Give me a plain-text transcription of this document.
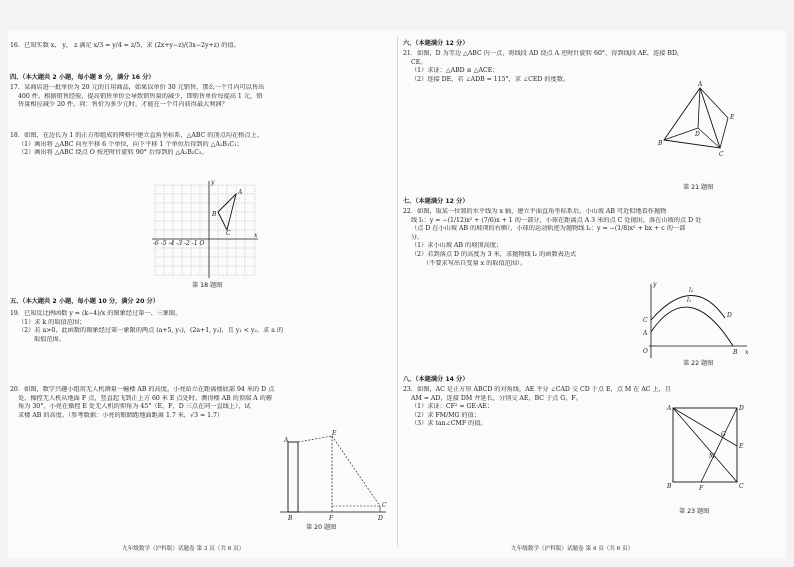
16．已知实数 x， y， z 满足 x/3 = y/4 = z/5，求 (2x+y−z)/(3x−2y+z) 的值。
四、（本大题共 2 小题，每小题 8 分，满分 16 分）
17．某商店进一批单价为 20 元的日用商品，如果以单价 30 元销售，那么一个月内可以售出
400 件。根据销售经验，提高销售单价会导致销售量的减少，即销售单价每提高 1 元，销
售量相应减少 20 件。问：售价为多少元时，才能在一个月内获得最大利润？
18．如图，在边长为 1 的正方形组成的网格中建立直角坐标系，△ABC 的顶点均在格点上。
（1）画出将 △ABC 向左平移 6 个单位，向下平移 1 个单位后得到的 △A₁B₁C₁；
（2）画出将 △ABC 绕点 O 按逆时针旋转 90° 后得到的 △A₂B₂C₂。
B
A
C
-6 -5 -4 -3 -2 -1 O
x
y
第 18 题图
五、（本大题共 2 小题，每小题 10 分，满分 20 分）
19．已知反比例函数 y = (k−4)/x 的图象经过第一、三象限。
（1）求 k 的取值范围；
（2）若 a>0，此函数的图象经过第一象限的两点 (a+5, y₁)，(2a+1, y₂)，且 y₁ < y₂，求 a 的
取值范围。
20．如图，数学兴趣小组用无人机测量一幢楼 AB 的高度。小亮站立在距离楼底部 94 米的 D 点
处，操控无人机从地面 F 点，竖直起飞到正上方 60 米 E 点处时，测得楼 AB 的顶端 A 的俯
角为 30°，小亮在操控 E 处无人机的仰角为 45°（E、F、D 三点在同一直线上），试
求楼 AB 的高度。（参考数据：小亮的眼睛距地面距离 1.7 米，√3 = 1.7）
A
B
E
F	D
C
第 20 题图
九年级数学（沪科版）试题卷 第 3 页（共 6 页）
六、（本题满分 12 分）
21．如图，D 为等边 △ABC 内一点，将线段 AD 绕点 A 逆时针旋转 60°，得到线段 AE，连接 BD，
CE。
（1）求证：△ABD ≌ △ACE；
（2）连接 DE，若 ∠ADB = 115°，求 ∠CED 的度数。
A
B
C
D
E
第 21 题图
七、（本题满分 12 分）
22．如图，取某一位置的水平线为 x 轴，建立平面直角坐标系后，小山坡 AB 可近似地看作抛物
线 l₁：y = −(1/12)x² + (7/6)x + 1 的一部分，小球在距离点 A 3 米的点 C 处抛出，落在山坡的点 D 处
（点 D 在小山坡 AB 的坡项的右侧），小球的运动轨迹为抛物线 l₂：y = −(1/8)x² + bx + c 的一部
分。
（1）求小山坡 AB 的坡顶高度；
（2）若到落点 D 的高度为 3 米，求抛物线 l₂ 的函数表达式
（不要求写出自变量 x 的取值范围）。
C
A
O
D
B
l₂
l₁
x
y
第 22 题图
八、（本题满分 14 分）
23．如图，AC 是正方形 ABCD 的对角线，AE 平分 ∠CAD 交 CD 于点 E，点 M 在 AC 上，且
AM = AD，连接 DM 并延长，分别交 AE，BC 于点 G，F。
（1）求证：CF² = GE·AE；
（2）求 FM/MG 的值；
（3）求 tan∠CMF 的值。
A	D
B	C
E
F
G
M
第 23 题图
九年级数学（沪科版）试题卷 第 4 页（共 6 页）
